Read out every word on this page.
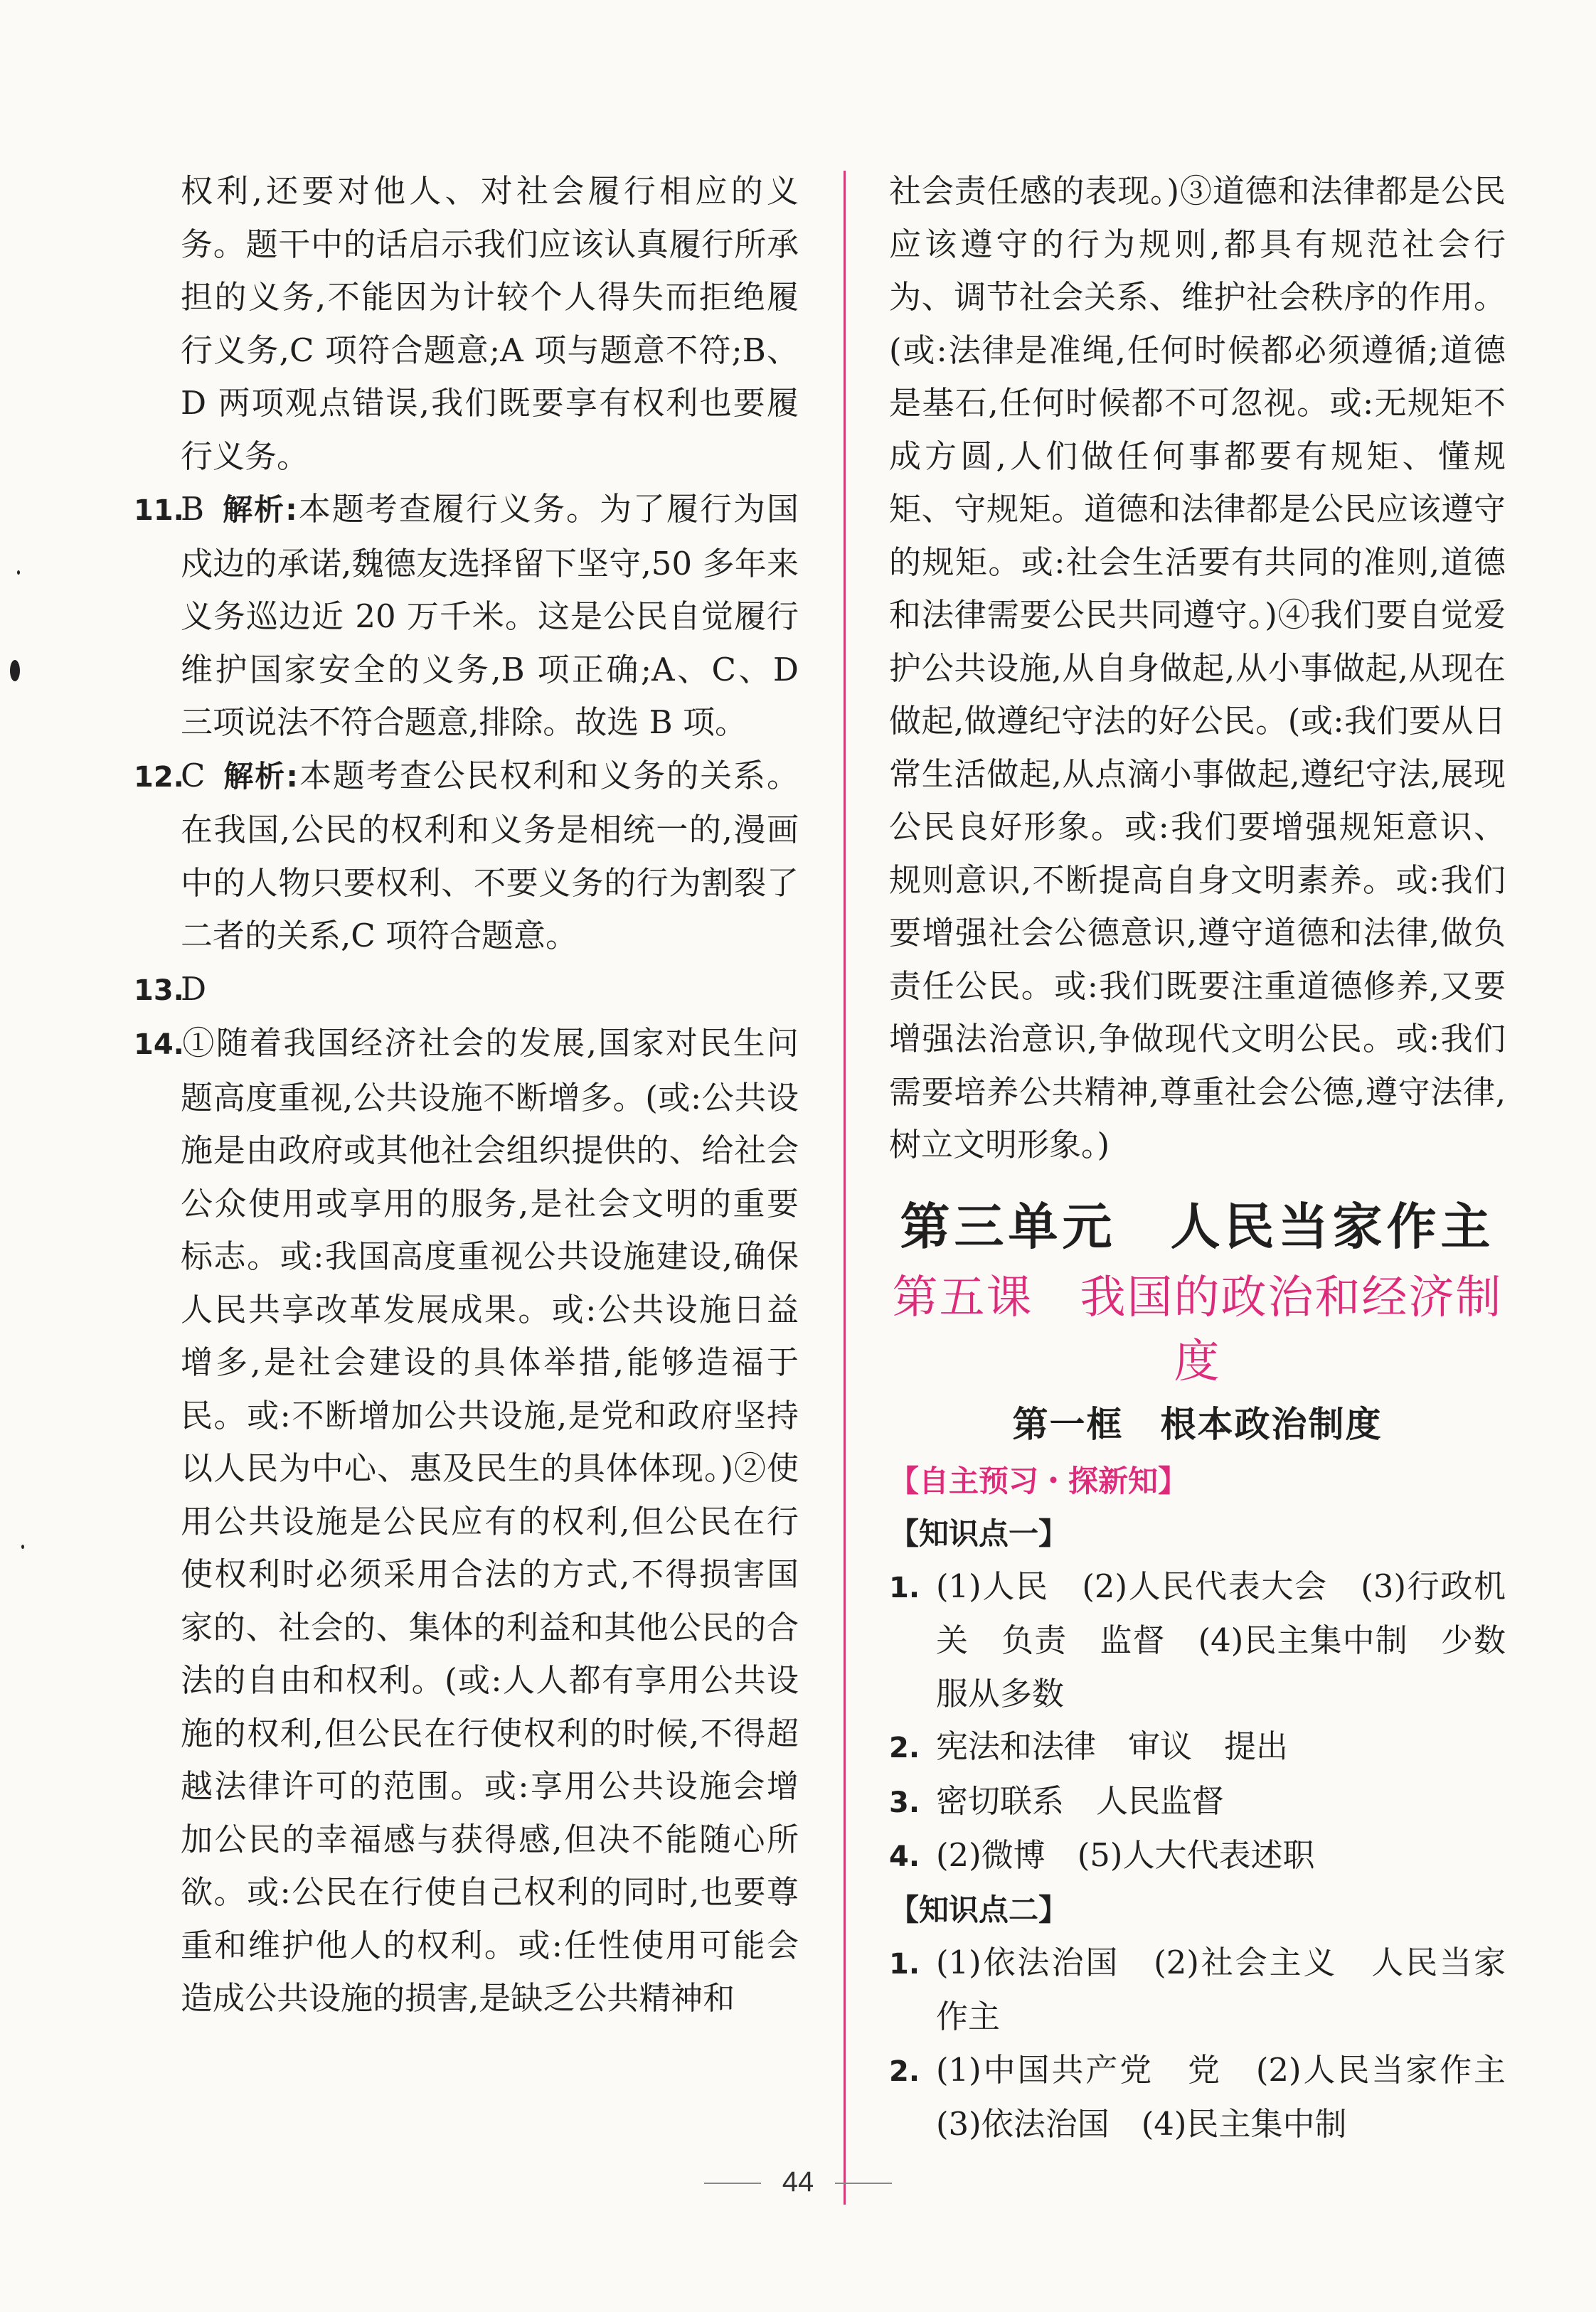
权利,还要对他人、对社会履行相应的义务。题干中的话启示我们应该认真履行所承担的义务,不能因为计较个人得失而拒绝履行义务,C 项符合题意;A 项与题意不符;B、D 两项观点错误,我们既要享有权利也要履行义务。

11.B 解析:本题考查履行义务。为了履行为国戍边的承诺,魏德友选择留下坚守,50 多年来义务巡边近 20 万千米。这是公民自觉履行维护国家安全的义务,B 项正确;A、C、D 三项说法不符合题意,排除。故选 B 项。

12.C 解析:本题考查公民权利和义务的关系。在我国,公民的权利和义务是相统一的,漫画中的人物只要权利、不要义务的行为割裂了二者的关系,C 项符合题意。

13.D

14.①随着我国经济社会的发展,国家对民生问题高度重视,公共设施不断增多。(或:公共设施是由政府或其他社会组织提供的、给社会公众使用或享用的服务,是社会文明的重要标志。或:我国高度重视公共设施建设,确保人民共享改革发展成果。或:公共设施日益增多,是社会建设的具体举措,能够造福于民。或:不断增加公共设施,是党和政府坚持以人民为中心、惠及民生的具体体现。)②使用公共设施是公民应有的权利,但公民在行使权利时必须采用合法的方式,不得损害国家的、社会的、集体的利益和其他公民的合法的自由和权利。(或:人人都有享用公共设施的权利,但公民在行使权利的时候,不得超越法律许可的范围。或:享用公共设施会增加公民的幸福感与获得感,但决不能随心所欲。或:公民在行使自己权利的同时,也要尊重和维护他人的权利。或:任性使用可能会造成公共设施的损害,是缺乏公共精神和

社会责任感的表现。)③道德和法律都是公民应该遵守的行为规则,都具有规范社会行为、调节社会关系、维护社会秩序的作用。(或:法律是准绳,任何时候都必须遵循;道德是基石,任何时候都不可忽视。或:无规矩不成方圆,人们做任何事都要有规矩、懂规矩、守规矩。道德和法律都是公民应该遵守的规矩。或:社会生活要有共同的准则,道德和法律需要公民共同遵守。)④我们要自觉爱护公共设施,从自身做起,从小事做起,从现在做起,做遵纪守法的好公民。(或:我们要从日常生活做起,从点滴小事做起,遵纪守法,展现公民良好形象。或:我们要增强规矩意识、规则意识,不断提高自身文明素养。或:我们要增强社会公德意识,遵守道德和法律,做负责任公民。或:我们既要注重道德修养,又要增强法治意识,争做现代文明公民。或:我们需要培养公共精神,尊重社会公德,遵守法律,树立文明形象。)

第三单元　人民当家作主
第五课　我国的政治和经济制度
第一框　根本政治制度
【自主预习・探新知】
【知识点一】

1. (1)人民　(2)人民代表大会　(3)行政机关　负责　监督　(4)民主集中制　少数服从多数

2. 宪法和法律　审议　提出

3. 密切联系　人民监督

4. (2)微博　(5)人大代表述职

【知识点二】

1. (1)依法治国　(2)社会主义　人民当家作主

2. (1)中国共产党　党　(2)人民当家作主　(3)依法治国　(4)民主集中制

44
